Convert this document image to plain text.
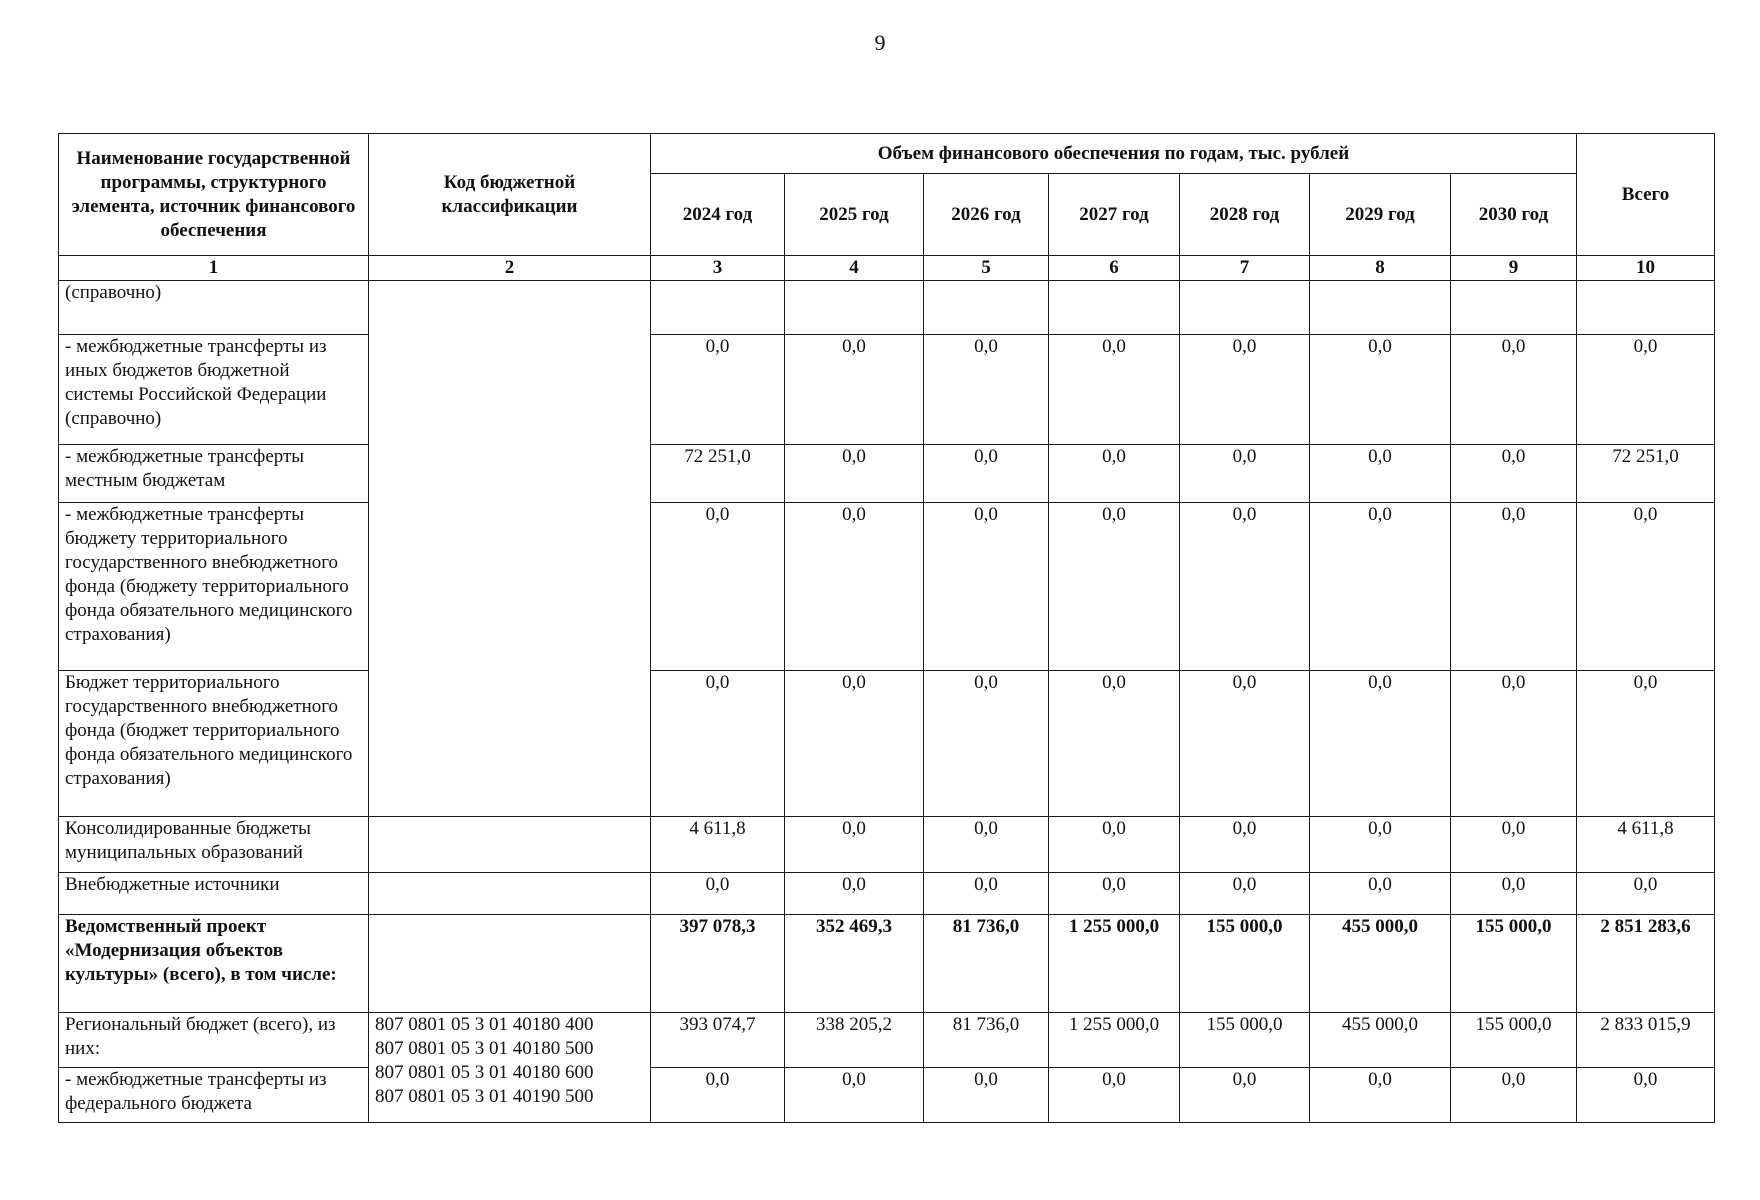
9
Наименование государственной программы, структурного элемента, источник финансового обеспечения	Код бюджетной классификации	Объем финансового обеспечения по годам, тыс. рублей							Всего
		2024 год	2025 год	2026 год	2027 год	2028 год	2029 год	2030 год	
1	2	3	4	5	6	7	8	9	10
(справочно)									
- межбюджетные трансферты из иных бюджетов бюджетной системы Российской Федерации (справочно)		0,0	0,0	0,0	0,0	0,0	0,0	0,0	0,0
- межбюджетные трансферты местным бюджетам		72 251,0	0,0	0,0	0,0	0,0	0,0	0,0	72 251,0
- межбюджетные трансферты бюджету территориального государственного внебюджетного фонда (бюджету территориального фонда обязательного медицинского страхования)		0,0	0,0	0,0	0,0	0,0	0,0	0,0	0,0
Бюджет территориального государственного внебюджетного фонда (бюджет территориального фонда обязательного медицинского страхования)		0,0	0,0	0,0	0,0	0,0	0,0	0,0	0,0
Консолидированные бюджеты муниципальных образований		4 611,8	0,0	0,0	0,0	0,0	0,0	0,0	4 611,8
Внебюджетные источники		0,0	0,0	0,0	0,0	0,0	0,0	0,0	0,0
Ведомственный проект «Модернизация объектов культуры» (всего), в том числе:		397 078,3	352 469,3	81 736,0	1 255 000,0	155 000,0	455 000,0	155 000,0	2 851 283,6
Региональный бюджет (всего), из них:	807 0801 05 3 01 40180 400
807 0801 05 3 01 40180 500
807 0801 05 3 01 40180 600
807 0801 05 3 01 40190 500	393 074,7	338 205,2	81 736,0	1 255 000,0	155 000,0	455 000,0	155 000,0	2 833 015,9
- межбюджетные трансферты из федерального бюджета		0,0	0,0	0,0	0,0	0,0	0,0	0,0	0,0
